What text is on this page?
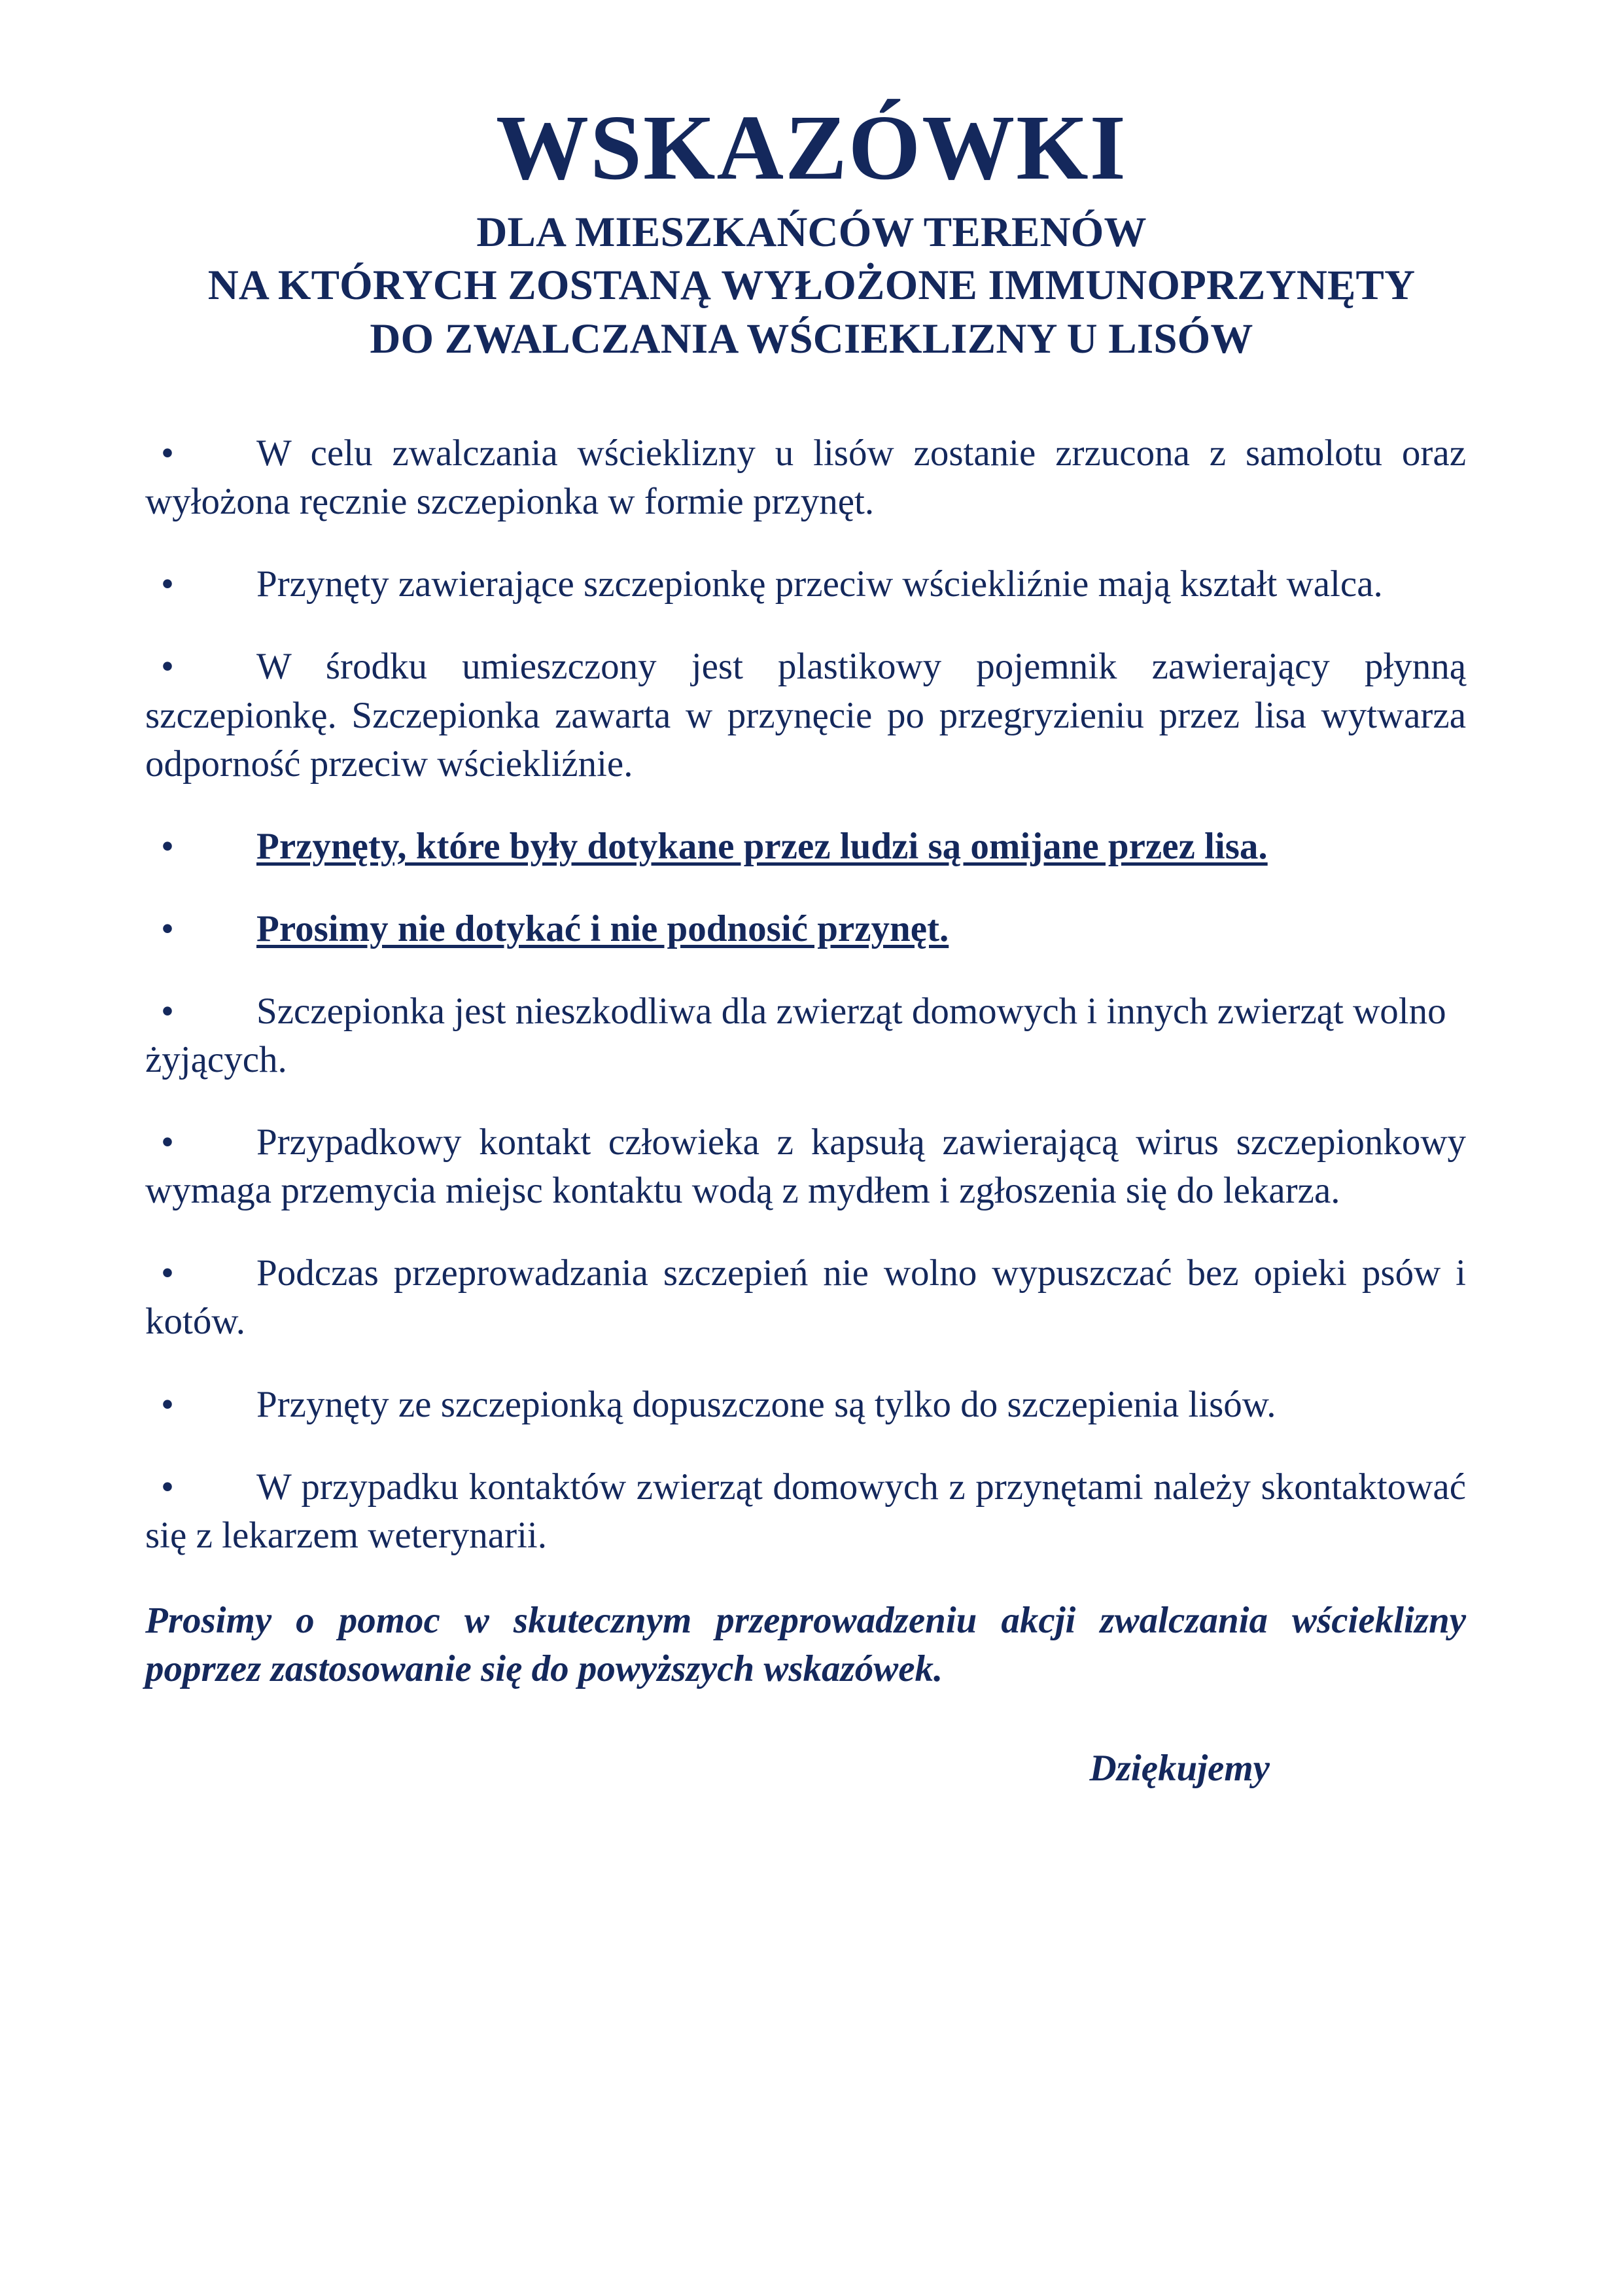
WSKAZÓWKI

DLA MIESZKAŃCÓW TERENÓW

NA KTÓRYCH ZOSTANĄ WYŁOŻONE IMMUNOPRZYNĘTY

DO ZWALCZANIA WŚCIEKLIZNY U LISÓW

•	W celu zwalczania wścieklizny u lisów zostanie zrzucona z samolotu oraz wyłożona ręcznie szczepionka w formie przynęt.
•	Przynęty zawierające szczepionkę przeciw wściekliźnie mają kształt walca.
•	W środku umieszczony jest plastikowy pojemnik zawierający płynną szczepionkę. Szczepionka zawarta w przynęcie po przegryzieniu przez lisa wytwarza odporność przeciw wściekliźnie.
•	Przynęty, które były dotykane przez ludzi są omijane przez lisa.
•	Prosimy nie dotykać i nie podnosić przynęt.
•	Szczepionka jest nieszkodliwa dla zwierząt domowych i innych zwierząt wolno żyjących.
•	Przypadkowy kontakt człowieka z kapsułą zawierającą wirus szczepionkowy wymaga przemycia miejsc kontaktu wodą z mydłem i zgłoszenia się do lekarza.
•	Podczas przeprowadzania szczepień nie wolno wypuszczać bez opieki psów i kotów.
•	Przynęty ze szczepionką dopuszczone są tylko do szczepienia lisów.
•	W przypadku kontaktów zwierząt domowych z przynętami należy skontaktować się z lekarzem weterynarii.

Prosimy o pomoc w skutecznym przeprowadzeniu akcji zwalczania wścieklizny poprzez zastosowanie się do powyższych wskazówek.

Dziękujemy
